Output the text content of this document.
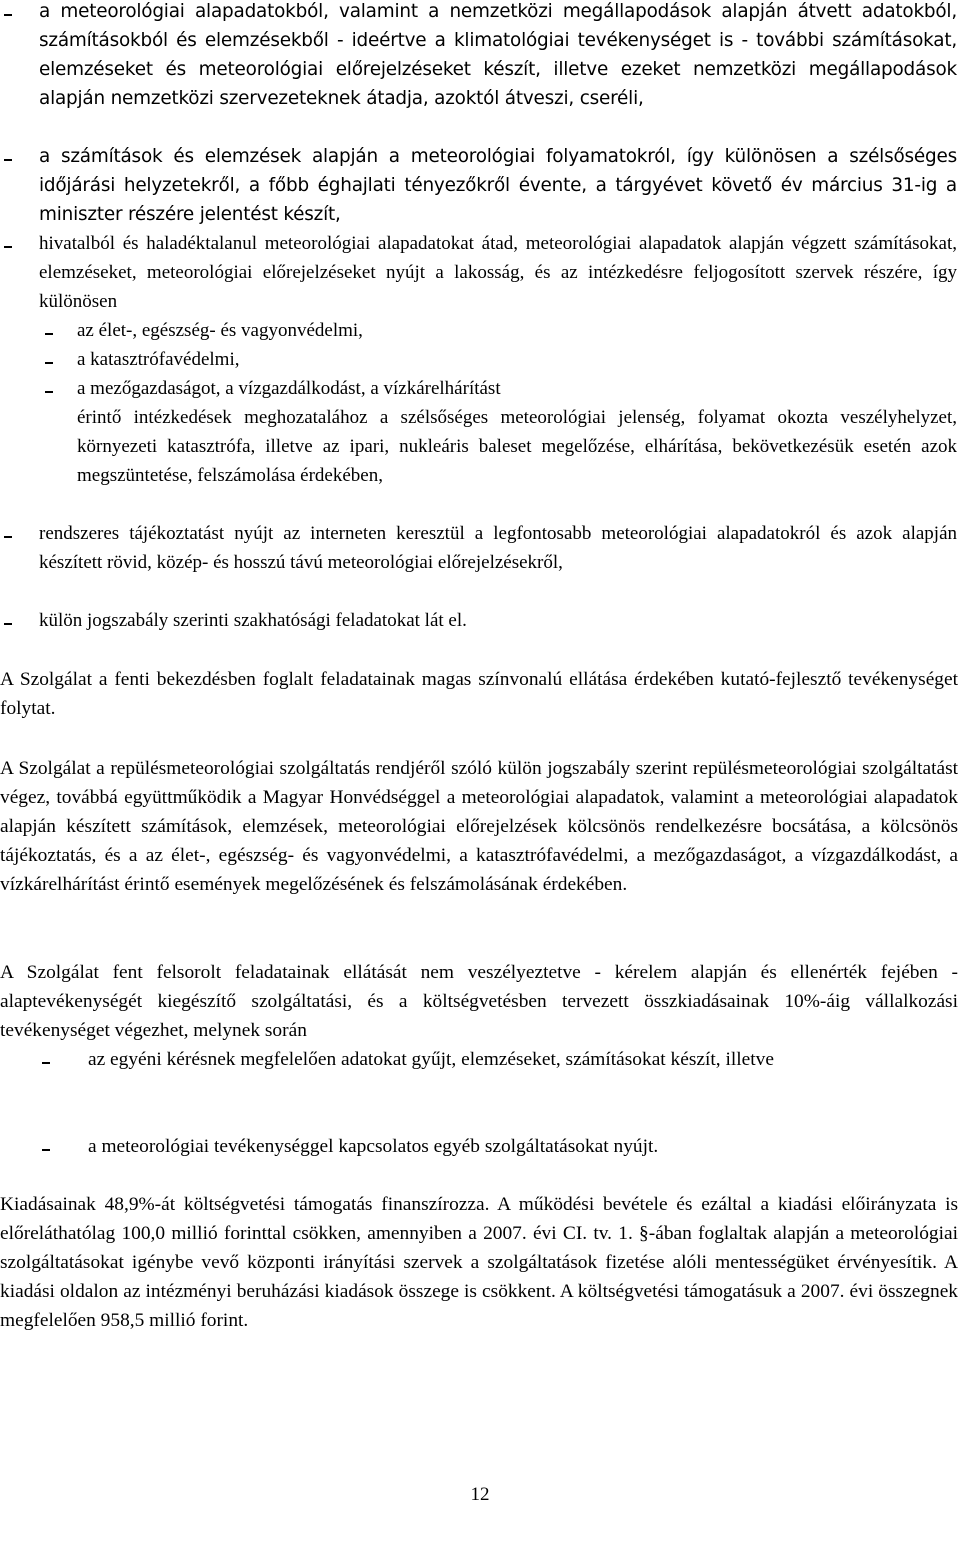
a meteorológiai alapadatokból, valamint a nemzetközi megállapodások alapján átvett adatokból, számításokból és elemzésekből - ideértve a klimatológiai tevékenységet is - további számításokat, elemzéseket és meteorológiai előrejelzéseket készít, illetve ezeket nemzetközi megállapodások alapján nemzetközi szervezeteknek átadja, azoktól átveszi, cseréli,
a számítások és elemzések alapján a meteorológiai folyamatokról, így különösen a szélsőséges időjárási helyzetekről, a főbb éghajlati tényezőkről évente, a tárgyévet követő év március 31-ig a miniszter részére jelentést készít,
hivatalból és haladéktalanul meteorológiai alapadatokat átad, meteorológiai alapadatok alapján végzett számításokat, elemzéseket, meteorológiai előrejelzéseket nyújt a lakosság, és az intézkedésre feljogosított szervek részére, így különösen
az élet-, egészség- és vagyonvédelmi,
a katasztrófavédelmi,
a mezőgazdaságot, a vízgazdálkodást, a vízkárelhárítást
érintő intézkedések meghozatalához a szélsőséges meteorológiai jelenség, folyamat okozta veszélyhelyzet, környezeti katasztrófa, illetve az ipari, nukleáris baleset megelőzése, elhárítása, bekövetkezésük esetén azok megszüntetése, felszámolása érdekében,
rendszeres tájékoztatást nyújt az interneten keresztül a legfontosabb meteorológiai alapadatokról és azok alapján készített rövid, közép- és hosszú távú meteorológiai előrejelzésekről,
külön jogszabály szerinti szakhatósági feladatokat lát el.
A Szolgálat a fenti bekezdésben foglalt feladatainak magas színvonalú ellátása érdekében kutató-fejlesztő tevékenységet folytat.
A Szolgálat a repülésmeteorológiai szolgáltatás rendjéről szóló külön jogszabály szerint repülésmeteorológiai szolgáltatást végez, továbbá együttműködik a Magyar Honvédséggel a meteorológiai alapadatok, valamint a meteorológiai alapadatok alapján készített számítások, elemzések, meteorológiai előrejelzések kölcsönös rendelkezésre bocsátása, a kölcsönös tájékoztatás, és a az élet-, egészség- és vagyonvédelmi, a katasztrófavédelmi, a mezőgazdaságot, a vízgazdálkodást, a vízkárelhárítást érintő események megelőzésének és felszámolásának érdekében.
A Szolgálat fent felsorolt feladatainak ellátását nem veszélyeztetve - kérelem alapján és ellenérték fejében - alaptevékenységét kiegészítő szolgáltatási, és a költségvetésben tervezett összkiadásainak 10%-áig vállalkozási tevékenységet végezhet, melynek során
az egyéni kérésnek megfelelően adatokat gyűjt, elemzéseket, számításokat készít, illetve
a meteorológiai tevékenységgel kapcsolatos egyéb szolgáltatásokat nyújt.
Kiadásainak 48,9%-át költségvetési támogatás finanszírozza. A működési bevétele és ezáltal a kiadási előirányzata is előreláthatólag 100,0 millió forinttal csökken, amennyiben a 2007. évi CI. tv. 1. §-ában foglaltak alapján a meteorológiai szolgáltatásokat igénybe vevő központi irányítási szervek a szolgáltatások fizetése alóli mentességüket érvényesítik. A kiadási oldalon az intézményi beruházási kiadások összege is csökkent. A költségvetési támogatásuk a 2007. évi összegnek megfelelően 958,5 millió forint.
12
